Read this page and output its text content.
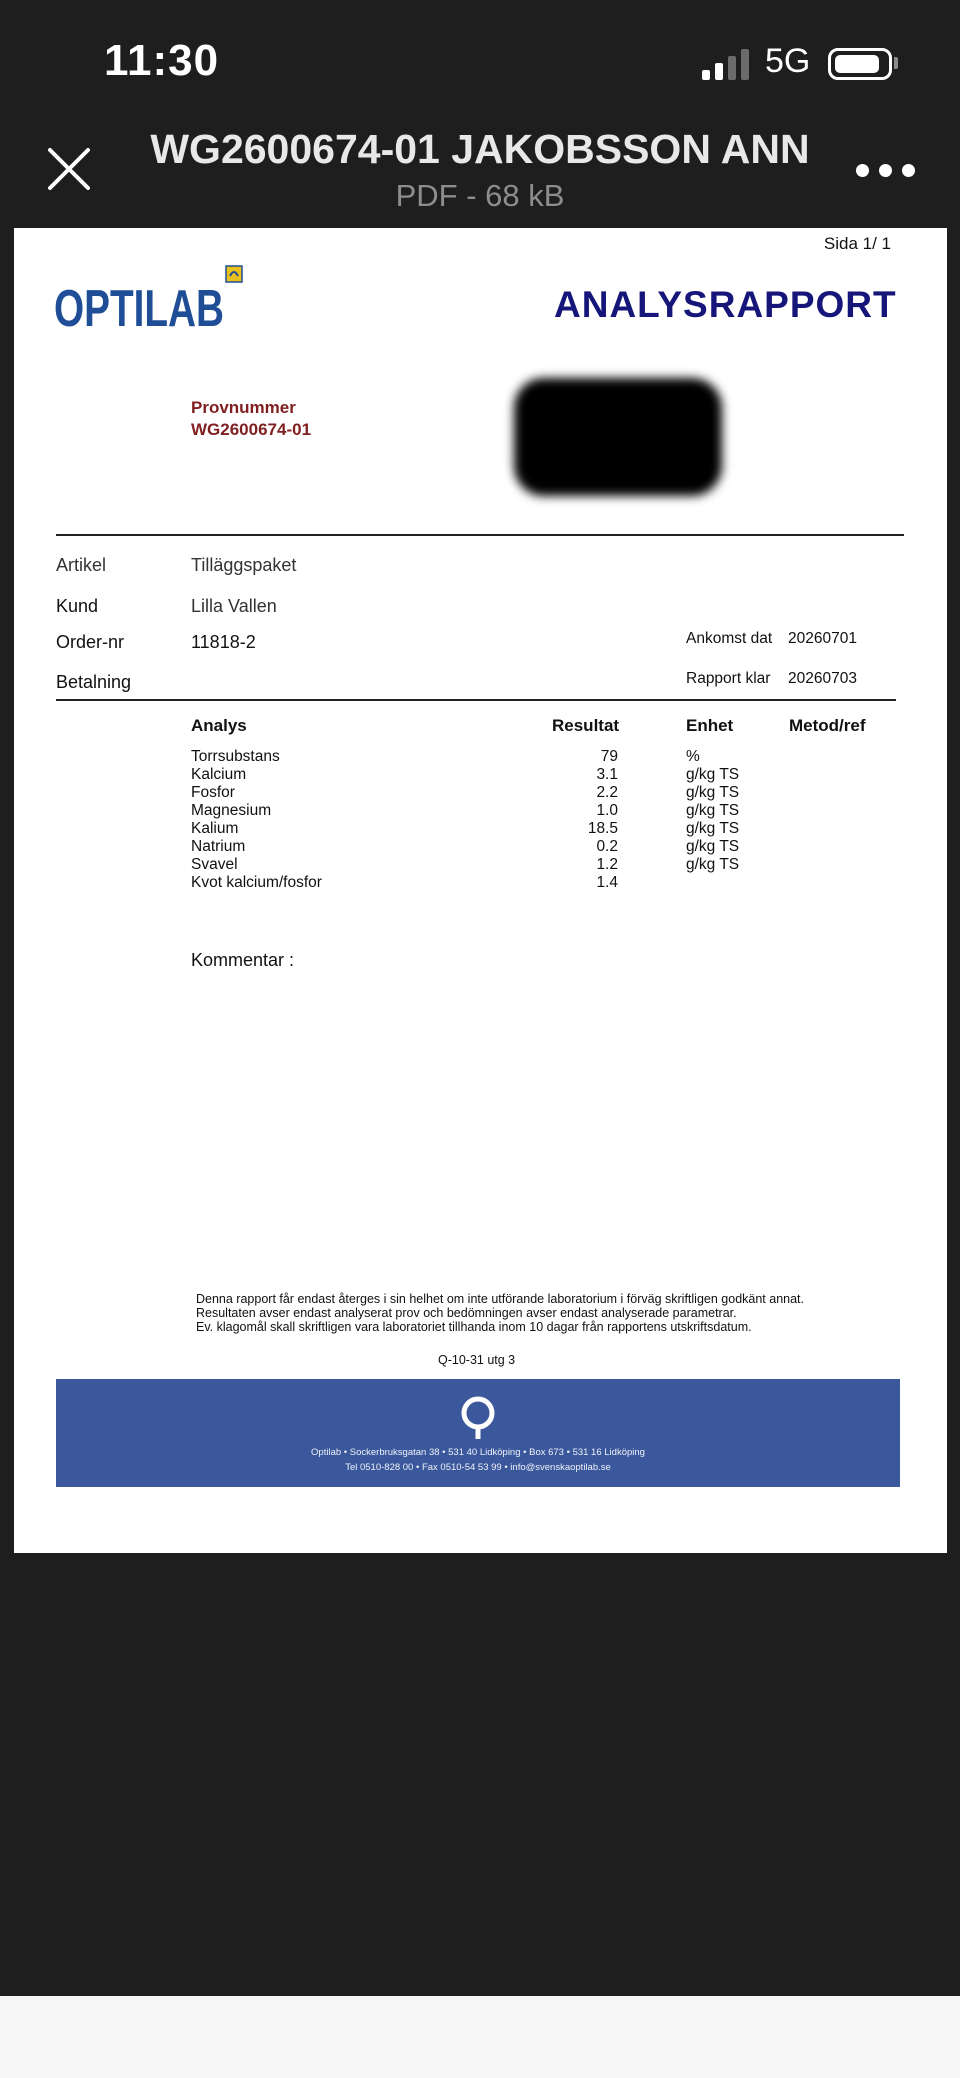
11:30	5G
WG2600674-01 JAKOBSSON ANN
PDF - 68 kB
Sida 1/ 1
OPTILAB	ANALYSRAPPORT
Provnummer
WG2600674-01
Artikel	Tilläggspaket
Kund	Lilla Vallen
Order-nr	11818-2
Betalning
Ankomst dat 20260701
Rapport klar 20260703
Analys	Resultat	Enhet	Metod/ref
Kommentar :
Denna rapport får endast återges i sin helhet om inte utförande laboratorium i förväg skriftligen godkänt annat.
Resultaten avser endast analyserat prov och bedömningen avser endast analyserade parametrar.
Ev. klagomål skall skriftligen vara laboratoriet tillhanda inom 10 dagar från rapportens utskriftsdatum.
Q-10-31 utg 3
Optilab • Sockerbruksgatan 38 • 531 40 Lidköping • Box 673 • 531 16 Lidköping
Tel 0510-828 00 • Fax 0510-54 53 99 • info@svenskaoptilab.se
Torrsubstans	79	%
Kalcium	3.1	g/kg TS
Fosfor	2.2	g/kg TS
Magnesium	1.0	g/kg TS
Kalium	18.5	g/kg TS
Natrium	0.2	g/kg TS
Svavel	1.2	g/kg TS
Kvot kalcium/fosfor	1.4
